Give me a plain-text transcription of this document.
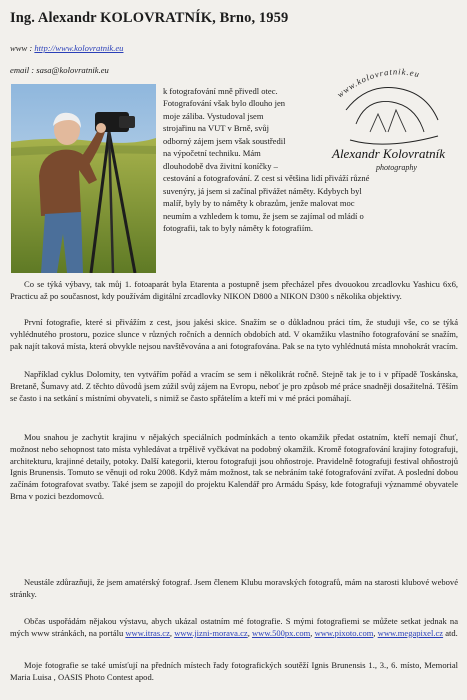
Ing. Alexandr KOLOVRATNÍK, Brno, 1959
www : http://www.kolovratnik.eu
email : sasa@kolovratnik.eu
www.kolovratnik.eu
Alexandr Kolovratník
photography
k fotografování mně přivedl otec.
Fotografování však bylo dlouho jen
moje záliba. Vystudoval jsem
strojařinu na VUT v Brně, svůj
odborný zájem jsem však soustředil
na výpočetní techniku. Mám
dlouhodobě dva živitní koníčky –
cestování a fotografování. Z cest si většina lidí přiváží různé
suvenýry, já jsem si začínal přivážet náměty. Kdybych byl
malíř, byly by to náměty k obrazům, jenže malovat moc
neumím a vzhledem k tomu, že jsem se zajímal od mládí o
fotografii, tak to byly náměty k fotografiím.
Co se týká výbavy, tak můj 1. fotoaparát byla Etarenta a postupně jsem přecházel přes dvouokou zrcadlovku Yashicu 6x6, Practicu až po současnost, kdy používám digitální zrcadlovky NIKON D800 a NIKON D300 s několika objektivy.
První fotografie, které si přivážím z cest, jsou jakési skice. Snažím se o důkladnou práci tím, že studuji vše, co se týká vyhlédnutého prostoru, pozice slunce v různých ročních a denních obdobích atd. V okamžiku vlastního fotografování se snažím, pak najít taková místa, která obvykle nejsou navštěvována a ani fotografována. Pak se na tyto vyhlédnutá místa mnohokrát vracím.
Například cyklus Dolomity, ten vytvářím pořád a vracím se sem i několikrát ročně. Stejně tak je to i v případě Toskánska, Bretaně, Šumavy atd. Z těchto důvodů jsem zúžil svůj zájem na Evropu, neboť je pro způsob mé práce snadněji dosažitelná. Těším se často i na setkání s místními obyvateli, s nimiž se často spřátelím a kteří mi v mé práci pomáhají.
Mou snahou je zachytit krajinu v nějakých speciálních podmínkách a tento okamžik předat ostatním, kteří nemají čhuť, možnost nebo sehopnost tato místa vyhledávat a trpělivě vyčkávat na podobný okamžik. Kromě fotografování krajiny fotografuji, architekturu, krajinné detaily, potoky. Další kategorii, kterou fotografuji jsou ohňostroje. Pravidelně fotografuji festival ohňostrojů Ignis Brunensis. Tomuto se věnuji od roku 2008. Když mám možnost, tak se nebráním také fotografování zvířat. A poslední dobou začínám fotografovat svatby. Také jsem se zapojil do projektu Kalendář pro Armádu Spásy, kde fotografuji význammé obyvatele Brna v pozici bezdomovců.
Neustále zdůrazňuji, že jsem amatérský fotograf. Jsem členem Klubu moravských fotografů, mám na starosti klubové webové stránky.
Občas uspořádám nějakou výstavu, abych ukázal ostatním mé fotografie. S mými fotografiemi se můžete setkat jednak na mých www stránkách, na portálu www.itras.cz, www.jizni-morava.cz, www.500px.com, www.pixoto.com, www.megapixel.cz atd.
Moje fotografie se také umísťují na předních místech řady fotografických soutěží Ignis Brunensis 1., 3., 6. místo, Memorial Maria Luisa , OASIS Photo Contest apod.
